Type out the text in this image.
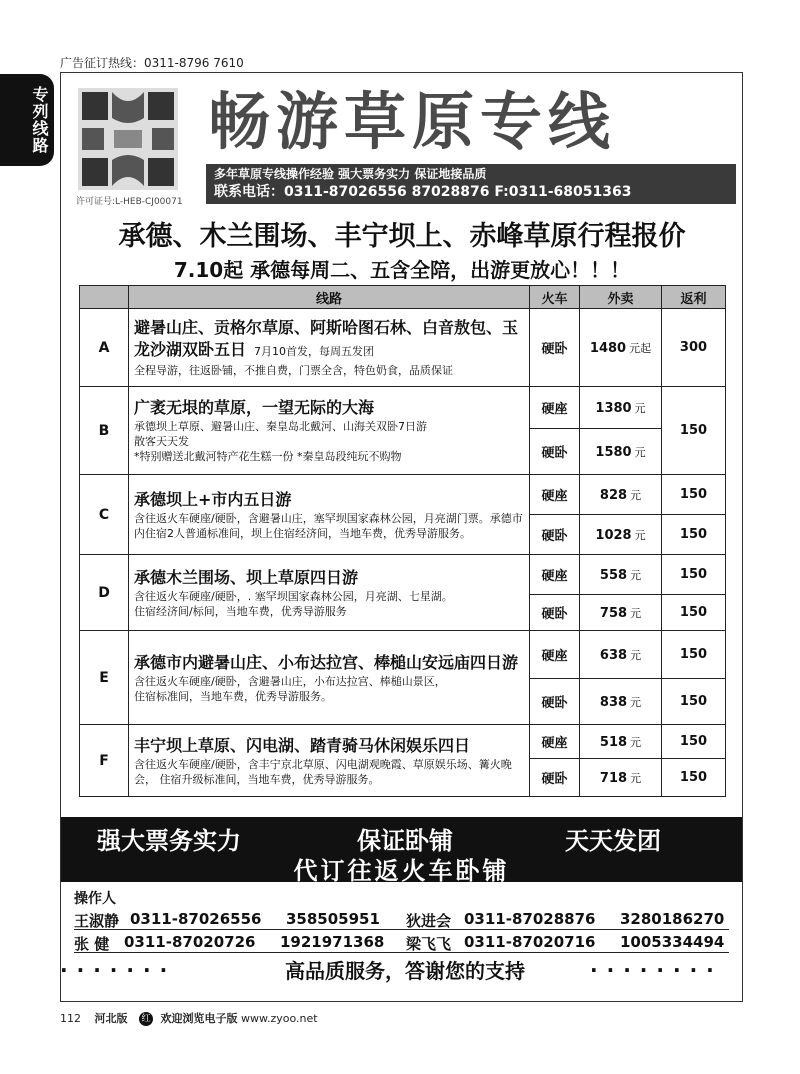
广告征订热线：0311-8796 7610
专列线路
许可证号:L-HEB-CJ00071
畅游草原专线
多年草原专线操作经验 强大票务实力 保证地接品质
联系电话：0311-87026556 87028876 F:0311-68051363
承德、木兰围场、丰宁坝上、赤峰草原行程报价
7.10起 承德每周二、五含全陪，出游更放心！！！
	线路	火车	外卖	返利
A	避暑山庄、贡格尔草原、阿斯哈图石林、白音敖包、玉龙沙湖双卧五日 7月10首发，每周五发团
全程导游，往返卧铺，不推自费，门票全含，特色奶食，品质保证	硬卧	1480 元起	300
B	广袤无垠的草原，一望无际的大海
承德坝上草原、避暑山庄、秦皇岛北戴河、山海关双卧7日游
散客天天发
*特别赠送北戴河特产花生糕一份 *秦皇岛段纯玩不购物	硬座	1380 元	150
		硬卧	1580 元	
C	承德坝上+市内五日游
含往返火车硬座/硬卧，含避暑山庄，塞罕坝国家森林公园，月亮湖门票。承德市内住宿2人普通标准间，坝上住宿经济间，当地车费，优秀导游服务。	硬座	828 元	150
		硬卧	1028 元	150
D	承德木兰围场、坝上草原四日游
含往返火车硬座/硬卧，. 塞罕坝国家森林公园，月亮湖、七星湖。
住宿经济间/标间，当地车费，优秀导游服务	硬座	558 元	150
		硬卧	758 元	150
E	承德市内避暑山庄、小布达拉宫、棒槌山安远庙四日游
含往返火车硬座/硬卧，含避暑山庄，小布达拉宫、棒槌山景区，
住宿标准间，当地车费，优秀导游服务。	硬座	638 元	150
		硬卧	838 元	150
F	丰宁坝上草原、闪电湖、踏青骑马休闲娱乐四日
含往返火车硬座/硬卧，含丰宁京北草原、闪电湖观晚霞、草原娱乐场、篝火晚会， 住宿升级标准间，当地车费，优秀导游服务。	硬座	518 元	150
		硬卧	718 元	150
强大票务实力	保证卧铺	天天发团
代订往返火车卧铺
操作人
王淑静 0311-87026556 358505951 狄进会 0311-87028876 3280186270
张 健 0311-87020726 1921971368 梁飞飞 0311-87020716 1005334494
·······	高品质服务，答谢您的支持	········
112 河北版 红 欢迎浏览电子版 www.zyoo.net
